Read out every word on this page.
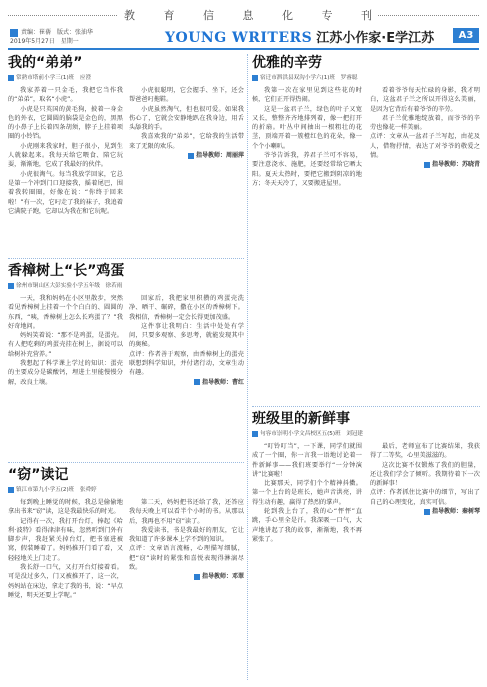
教	育	信	息	化	专	刊
责编：崔蒨　版式：张油华
2019年5月27日　星期一	YOUNG WRITERS 江苏小作家·E学江苏	A3
我的“弟弟”
常熟市塔前小学三(1)班　应澄

我家养着一只金毛，我把它当作我的“弟弟”，取名“小虎”。

小虎是只英国的黄毛狗，披着一身金色的外衣，它圆圆的脑袋是金色的，黑黑的小鼻子上长着四条胡须，脖子上挂着项圈的小铃铛。

小虎刚来我家时，胆子很小，见到生人就躲起来。我每天给它喂食、陪它玩耍，渐渐地，它成了我最好的伙伴。

小虎很淘气。每当我放学回家，它总是第一个冲到门口迎接我，摇着尾巴，围着我转圈圈，好像在说：“你终于回来啦！”有一次，它叼走了我的袜子，我追着它满院子跑，它却以为我在和它玩呢。

小虎很聪明，它会握手、坐下，还会帮爸爸叼拖鞋。

小虎虽然淘气，但也很可爱。如果我伤心了，它就会安静地趴在我身边，用舌头舔我的手。

我喜欢我的“弟弟”，它给我的生活带来了无限的欢乐。

指导教师：周丽萍

香樟树上“长”鸡蛋
徐州市铜山区大彭实验小学五年级　徐若雨

一天，我和妈妈在小区里散步，突然看见香樟树上挂着一个个白白的、圆圆的东西，“咦，香樟树上怎么长鸡蛋了？”我好奇地问。

妈妈笑着说：“那不是鸡蛋，是蛋壳。有人把吃剩的鸡蛋壳挂在树上，据说可以给树补充营养。”

我想起了科学课上学过的知识：蛋壳的主要成分是碳酸钙，埋进土里能慢慢分解，改良土壤。

回家后，我把家里积攒的鸡蛋壳洗净、晒干、碾碎，撒在小区的香樟树下。我相信，香樟树一定会长得更加茂盛。

这件事让我明白：生活中处处有学问，只要多观察、多思考，就能发现其中的奥秘。

点评：作者善于观察，由香樟树上的蛋壳联想到科学知识，并付诸行动，文章生动有趣。

指导教师：曹红

“窃”读记
镇江市第九小学五(2)班　张舜婷

每到晚上睡觉的时候，我总是偷偷地拿出书来“窃”读，这是我最快乐的时光。

记得有一次，我打开台灯，捧起《哈利·波特》看得津津有味，忽然听到门外有脚步声，我赶紧关掉台灯，把书塞进被窝，假装睡着了。妈妈推开门看了看，又轻轻地关上门走了。

我长舒一口气，又打开台灯接着看。可是没过多久，门又被推开了，这一次，妈妈站在床边，拿走了我的书，说：“早点睡觉，明天还要上学呢。”

第二天，妈妈把书还给了我，还答应我每天晚上可以看半个小时的书。从那以后，我再也不用“窃”读了。

我爱读书，书是我最好的朋友，它让我知道了许多课本上学不到的知识。

点评：文章语言流畅，心理描写细腻，把“窃”读时的紧张和喜悦表现得淋漓尽致。

指导教师：邓翠

优雅的辛劳
宿迁市泗洪县双沟小学六(1)班　罗睿聪

我第一次在家里见到这些花的时候，它们正开得热闹。

这是一盆君子兰，绿色的叶子又宽又长，整整齐齐地排列着，像一把打开的折扇。叶丛中间抽出一根粗壮的花茎，顶端开着一簇橙红色的花朵，像一个个小喇叭。

爷爷告诉我，养君子兰可不容易，要注意浇水、施肥，还要经常给它晒太阳。夏天太热时，要把它搬到阴凉的地方；冬天天冷了，又要搬进屋里。

看着爷爷每天忙碌的身影，我才明白，这盆君子兰之所以开得这么美丽，是因为它背后有着爷爷的辛劳。

君子兰优雅地绽放着，而爷爷的辛劳也像花一样美丽。

点评：文章从一盆君子兰写起，由花及人，借物抒情，表达了对爷爷的敬爱之情。

指导教师：苏晓青

班级里的新鲜事
句容市崇明小学文昌校区五(5)班　刘冠建

“叮铃叮当”，一下课，同学们就围成了一个圈，你一言我一语地讨论着一件新鲜事——我们班要举行“一分钟演讲”比赛啦！

比赛那天，同学们个个精神抖擞。第一个上台的是班长，她声音洪亮，讲得生动有趣，赢得了热烈的掌声。

轮到我上台了，我的心“怦怦”直跳，手心里全是汗。我深吸一口气，大声地讲起了我的故事，渐渐地，我不再紧张了。

最后，老师宣布了比赛结果，我获得了二等奖，心里美滋滋的。

这次比赛不仅锻炼了我们的胆量，还让我们学会了倾听。我期待着下一次的新鲜事！

点评：作者抓住比赛中的细节，写出了自己的心理变化，真实可信。

指导教师：秦树琴
